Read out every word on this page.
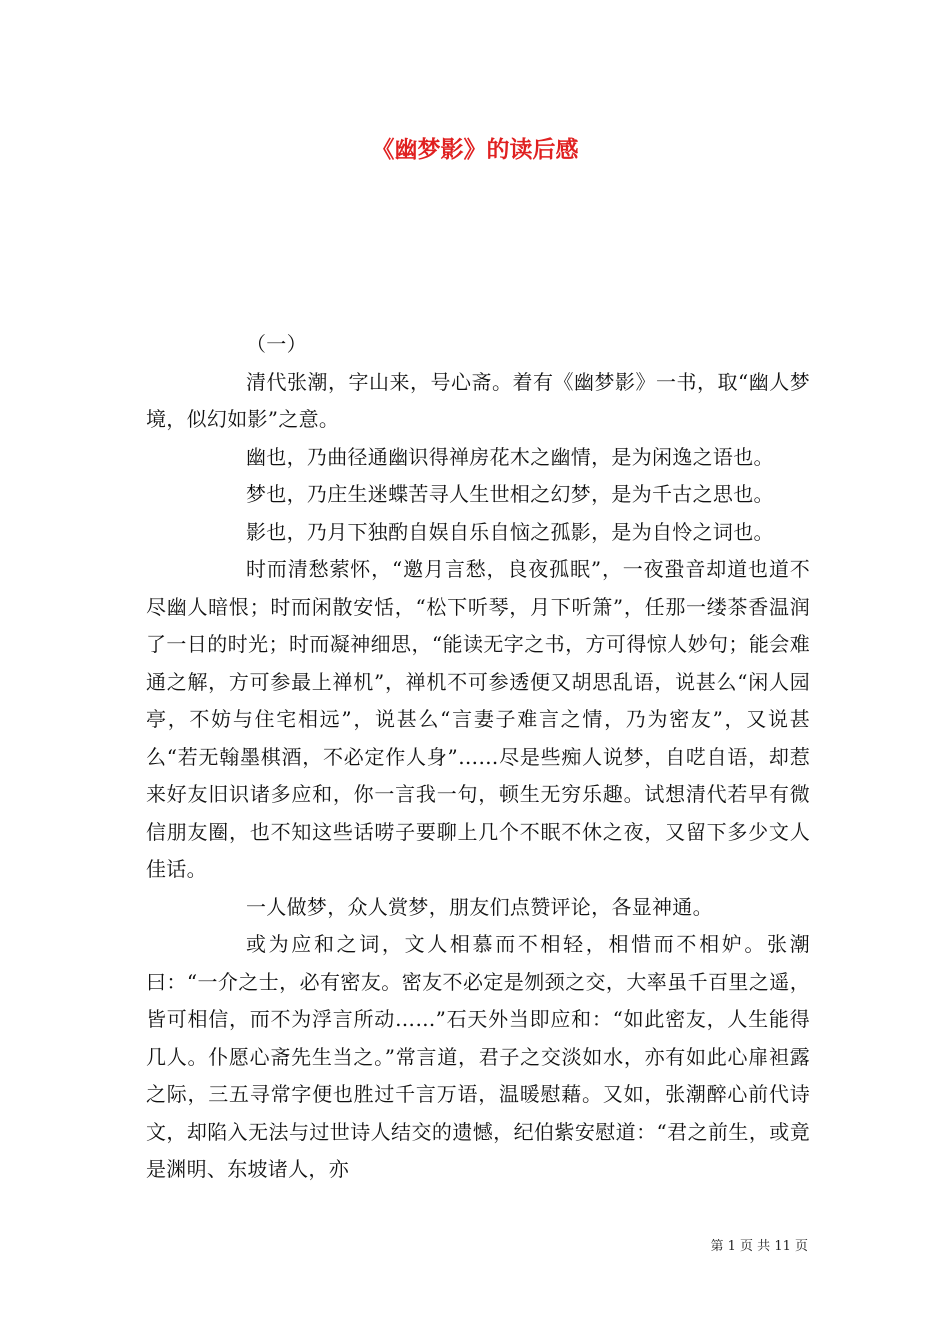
《幽梦影》的读后感

（一）

清代张潮，字山来，号心斋。着有《幽梦影》一书，取“幽人梦境，似幻如影”之意。

幽也，乃曲径通幽识得禅房花木之幽情，是为闲逸之语也。

梦也，乃庄生迷蝶苦寻人生世相之幻梦，是为千古之思也。

影也，乃月下独酌自娱自乐自恼之孤影，是为自怜之词也。

时而清愁萦怀，“邀月言愁，良夜孤眠”，一夜蛩音却道也道不尽幽人暗恨；时而闲散安恬，“松下听琴，月下听箫”，任那一缕茶香温润了一日的时光；时而凝神细思，“能读无字之书，方可得惊人妙句；能会难通之解，方可参最上禅机”，禅机不可参透便又胡思乱语，说甚么“闲人园亭，不妨与住宅相远”，说甚么“言妻子难言之情，乃为密友”，又说甚么“若无翰墨棋酒，不必定作人身”……尽是些痴人说梦，自呓自语，却惹来好友旧识诸多应和，你一言我一句，顿生无穷乐趣。试想清代若早有微信朋友圈，也不知这些话唠子要聊上几个不眠不休之夜，又留下多少文人佳话。

一人做梦，众人赏梦，朋友们点赞评论，各显神通。

或为应和之词，文人相慕而不相轻，相惜而不相妒。张潮曰：“一介之士，必有密友。密友不必定是刎颈之交，大率虽千百里之遥，皆可相信，而不为浮言所动……”石天外当即应和：“如此密友，人生能得几人。仆愿心斋先生当之。”常言道，君子之交淡如水，亦有如此心扉袒露之际，三五寻常字便也胜过千言万语，温暖慰藉。又如，张潮醉心前代诗文，却陷入无法与过世诗人结交的遗憾，纪伯紫安慰道：“君之前生，或竟是渊明、东坡诸人，亦

第 1 页 共 11 页
